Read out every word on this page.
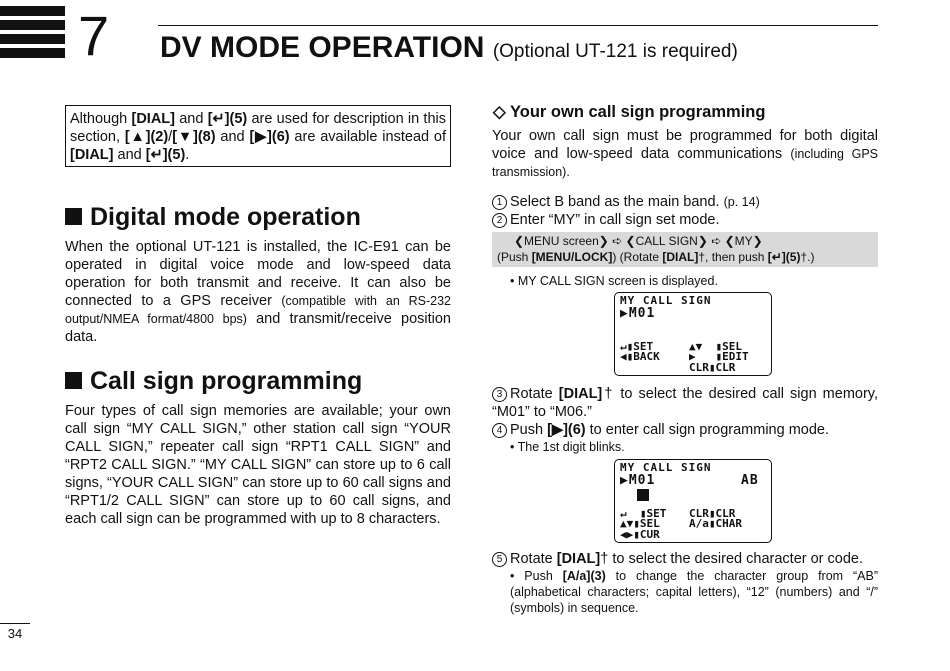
7 DV MODE OPERATION (Optional UT-121 is required)
Although [DIAL] and [↵](5) are used for description in this section, [▲](2)/[▼](8) and [▶](6) are available instead of [DIAL] and [↵](5).
Digital mode operation
When the optional UT-121 is installed, the IC-E91 can be operated in digital voice mode and low-speed data operation for both transmit and receive. It can also be connected to a GPS receiver (compatible with an RS-232 output/NMEA format/4800 bps) and transmit/receive position data.
Call sign programming
Four types of call sign memories are available; your own call sign “MY CALL SIGN,” other station call sign “YOUR CALL SIGN,” repeater call sign “RPT1 CALL SIGN” and “RPT2 CALL SIGN.” “MY CALL SIGN” can store up to 6 call signs, “YOUR CALL SIGN” can store up to 60 call signs and “RPT1/2 CALL SIGN” can store up to 60 call signs, and each call sign can be programmed with up to 8 characters.
◇ Your own call sign programming
Your own call sign must be programmed for both digital voice and low-speed data communications (including GPS transmission).
1 Select B band as the main band. (p. 14)
2 Enter “MY” in call sign set mode.
❮MENU screen❯ ➪ ❮CALL SIGN❯ ➪ ❮MY❯
(Push [MENU/LOCK]) (Rotate [DIAL]†, then push [↵](5)†.)
• MY CALL SIGN screen is displayed.
MY CALL SIGN
▶M01
↵▮SET
◀▮BACK
▲▼  ▮SEL
▶   ▮EDIT
CLR▮CLR
3 Rotate [DIAL]† to select the desired call sign memory, “M01” to “M06.”
4 Push [▶](6) to enter call sign programming mode.
• The 1st digit blinks.
MY CALL SIGN
▶M01	AB
↵  ▮SET
▲▼▮SEL
◀▶▮CUR
CLR▮CLR
A/a▮CHAR
5 Rotate [DIAL]† to select the desired character or code.
• Push [A/a](3) to change the character group from “AB” (alphabetical characters; capital letters), “12” (numbers) and “/” (symbols) in sequence.
34
